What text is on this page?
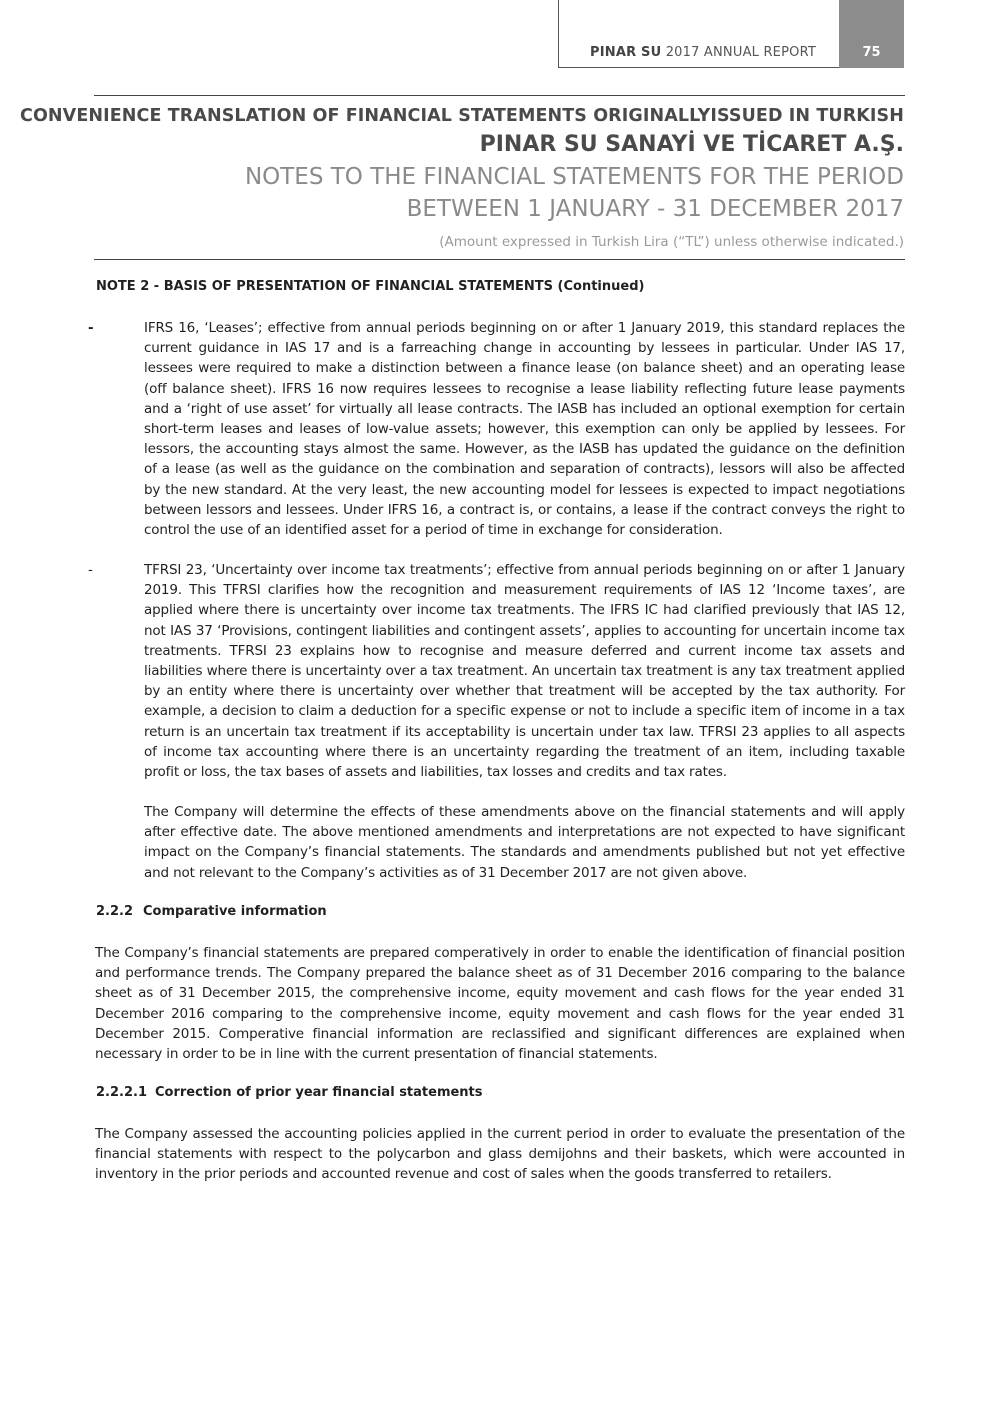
PINAR SU 2017 ANNUAL REPORT	75
CONVENIENCE TRANSLATION OF FINANCIAL STATEMENTS ORIGINALLYISSUED IN TURKISH
PINAR SU SANAYİ VE TİCARET A.Ş.
NOTES TO THE FINANCIAL STATEMENTS FOR THE PERIOD
BETWEEN 1 JANUARY - 31 DECEMBER 2017
(Amount expressed in Turkish Lira (“TL”) unless otherwise indicated.)
NOTE 2 - BASIS OF PRESENTATION OF FINANCIAL STATEMENTS (Continued)
-	IFRS 16, ‘Leases’; effective from annual periods beginning on or after 1 January 2019, this standard replaces the current guidance in IAS 17 and is a farreaching change in accounting by lessees in particular. Under IAS 17, lessees were required to make a distinction between a finance lease (on balance sheet) and an operating lease (off balance sheet). IFRS 16 now requires lessees to recognise a lease liability reflecting future lease payments and a ‘right of use asset’ for virtually all lease contracts. The IASB has included an optional exemption for certain short-term leases and leases of low-value assets; however, this exemption can only be applied by lessees. For lessors, the accounting stays almost the same. However, as the IASB has updated the guidance on the definition of a lease (as well as the guidance on the combination and separation of contracts), lessors will also be affected by the new standard. At the very least, the new accounting model for lessees is expected to impact negotiations between lessors and lessees. Under IFRS 16, a contract is, or contains, a lease if the contract conveys the right to control the use of an identified asset for a period of time in exchange for consideration.
-	TFRSI 23, ‘Uncertainty over income tax treatments’; effective from annual periods beginning on or after 1 January 2019. This TFRSI clarifies how the recognition and measurement requirements of IAS 12 ‘Income taxes’, are applied where there is uncertainty over income tax treatments. The IFRS IC had clarified previously that IAS 12, not IAS 37 ‘Provisions, contingent liabilities and contingent assets’, applies to accounting for uncertain income tax treatments. TFRSI 23 explains how to recognise and measure deferred and current income tax assets and liabilities where there is uncertainty over a tax treatment. An uncertain tax treatment is any tax treatment applied by an entity where there is uncertainty over whether that treatment will be accepted by the tax authority. For example, a decision to claim a deduction for a specific expense or not to include a specific item of income in a tax return is an uncertain tax treatment if its acceptability is uncertain under tax law. TFRSI 23 applies to all aspects of income tax accounting where there is an uncertainty regarding the treatment of an item, including taxable profit or loss, the tax bases of assets and liabilities, tax losses and credits and tax rates.
The Company will determine the effects of these amendments above on the financial statements and will apply after effective date. The above mentioned amendments and interpretations are not expected to have significant impact on the Company’s financial statements. The standards and amendments published but not yet effective and not relevant to the Company’s activities as of 31 December 2017 are not given above.
2.2.2 Comparative information
The Company’s financial statements are prepared comperatively in order to enable the identification of financial position and performance trends. The Company prepared the balance sheet as of 31 December 2016 comparing to the balance sheet as of 31 December 2015, the comprehensive income, equity movement and cash flows for the year ended 31 December 2016 comparing to the comprehensive income, equity movement and cash flows for the year ended 31 December 2015. Comperative financial information are reclassified and significant differences are explained when necessary in order to be in line with the current presentation of financial statements.
2.2.2.1 Correction of prior year financial statements
The Company assessed the accounting policies applied in the current period in order to evaluate the presentation of the financial statements with respect to the polycarbon and glass demijohns and their baskets, which were accounted in inventory in the prior periods and accounted revenue and cost of sales when the goods transferred to retailers.
